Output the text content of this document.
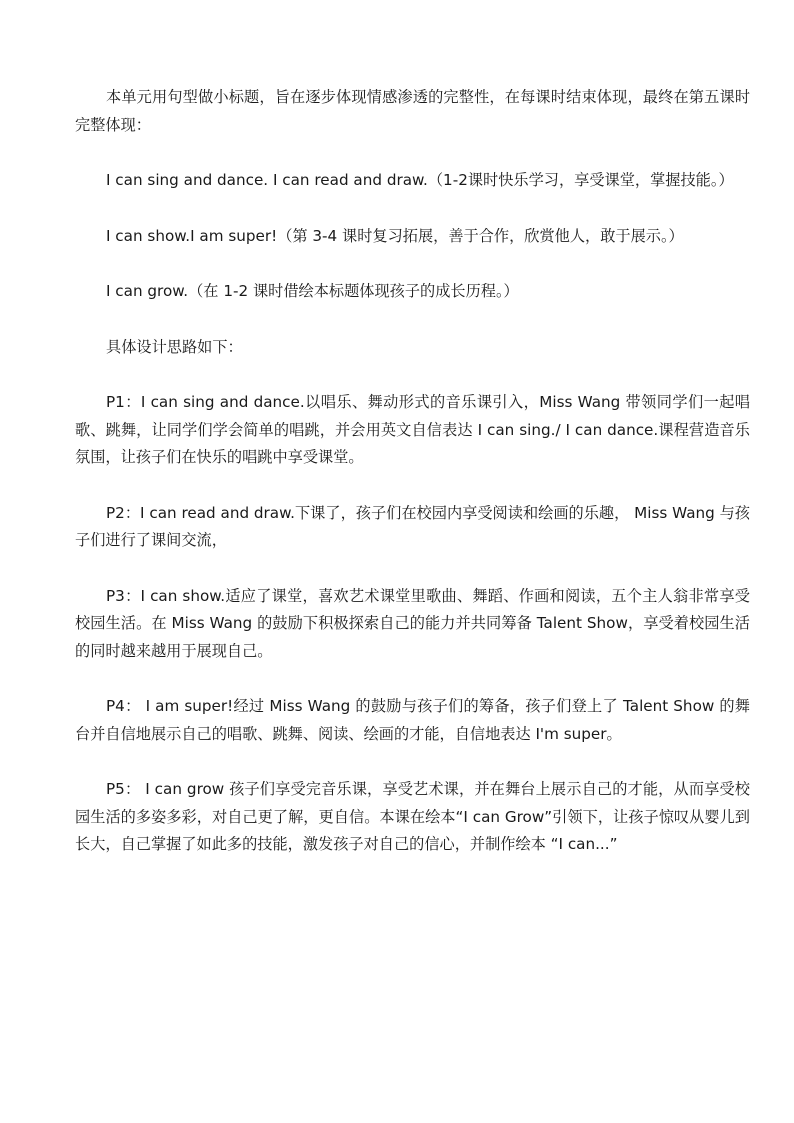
本单元用句型做小标题，旨在逐步体现情感渗透的完整性，在每课时结束体现，最终在第五课时完整体现：

I can sing and dance. I can read and draw.（1-2课时快乐学习，享受课堂，掌握技能。）

I can show.I am super!（第 3-4 课时复习拓展，善于合作，欣赏他人，敢于展示。）

I can grow.（在 1-2 课时借绘本标题体现孩子的成长历程。）

具体设计思路如下：

P1：I can sing and dance.以唱乐、舞动形式的音乐课引入，Miss Wang 带领同学们一起唱歌、跳舞，让同学们学会简单的唱跳，并会用英文自信表达 I can sing./ I can dance.课程营造音乐氛围，让孩子们在快乐的唱跳中享受课堂。

P2：I can read and draw.下课了，孩子们在校园内享受阅读和绘画的乐趣， Miss Wang 与孩子们进行了课间交流，

P3：I can show.适应了课堂，喜欢艺术课堂里歌曲、舞蹈、作画和阅读，五个主人翁非常享受校园生活。在 Miss Wang 的鼓励下积极探索自己的能力并共同筹备 Talent Show，享受着校园生活的同时越来越用于展现自己。

P4： I am super!经过 Miss Wang 的鼓励与孩子们的筹备，孩子们登上了 Talent Show 的舞台并自信地展示自己的唱歌、跳舞、阅读、绘画的才能，自信地表达 I'm super。

P5： I can grow 孩子们享受完音乐课，享受艺术课，并在舞台上展示自己的才能，从而享受校园生活的多姿多彩，对自己更了解，更自信。本课在绘本“I can Grow”引领下，让孩子惊叹从婴儿到长大，自己掌握了如此多的技能，激发孩子对自己的信心，并制作绘本 “I can...”
